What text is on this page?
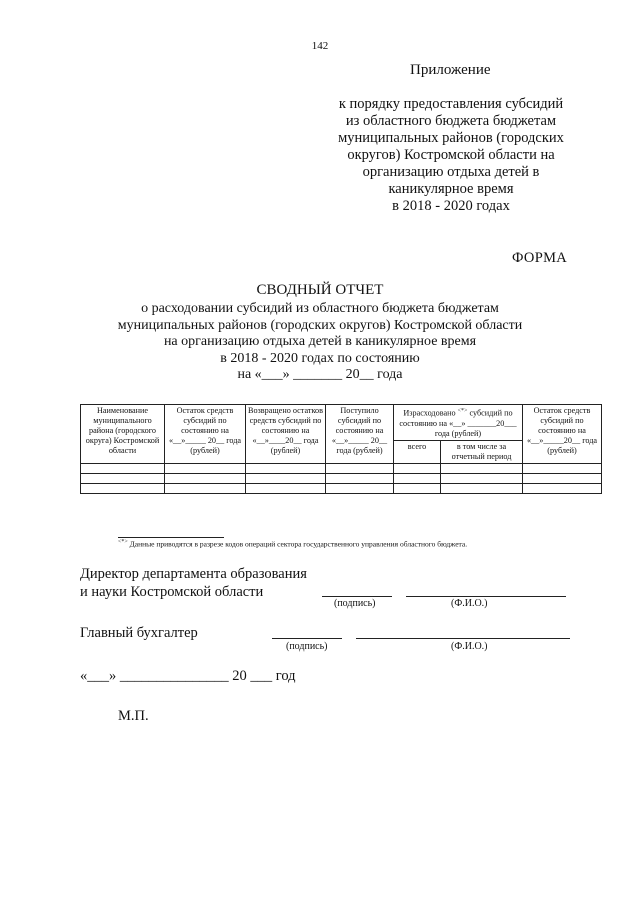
142
Приложение
к порядку предоставления субсидий
из областного бюджета бюджетам
муниципальных районов (городских
округов) Костромской области на
организацию отдыха детей в
каникулярное время
в 2018 - 2020 годах
ФОРМА
СВОДНЫЙ ОТЧЕТ
о расходовании субсидий из областного бюджета бюджетам
муниципальных районов (городских округов) Костромской области
на организацию отдыха детей в каникулярное время
в 2018 - 2020 годах по состоянию
на «___» _______ 20__ года
Наименование муниципального района (городского округа) Костромской области	Остаток средств субсидий по состоянию на «__»_____ 20__ года (рублей)	Возвращено остатков средств субсидий по состоянию на «__»____20__ года (рублей)	Поступило субсидий по состоянию на «__»_____ 20__ года (рублей)	Израсходовано <*> субсидий по состоянию на «__» _______20___ года (рублей)		Остаток средств субсидий по состоянию на «__»_____20__ года (рублей)
				всего	в том числе за отчетный период	

<*> Данные приводятся в разрезе кодов операций сектора государственного управления областного бюджета.
Директор департамента образования
и науки Костромской области
(подпись)	(Ф.И.О.)
Главный бухгалтер
(подпись)	(Ф.И.О.)
«___» _______________ 20 ___ год
М.П.
